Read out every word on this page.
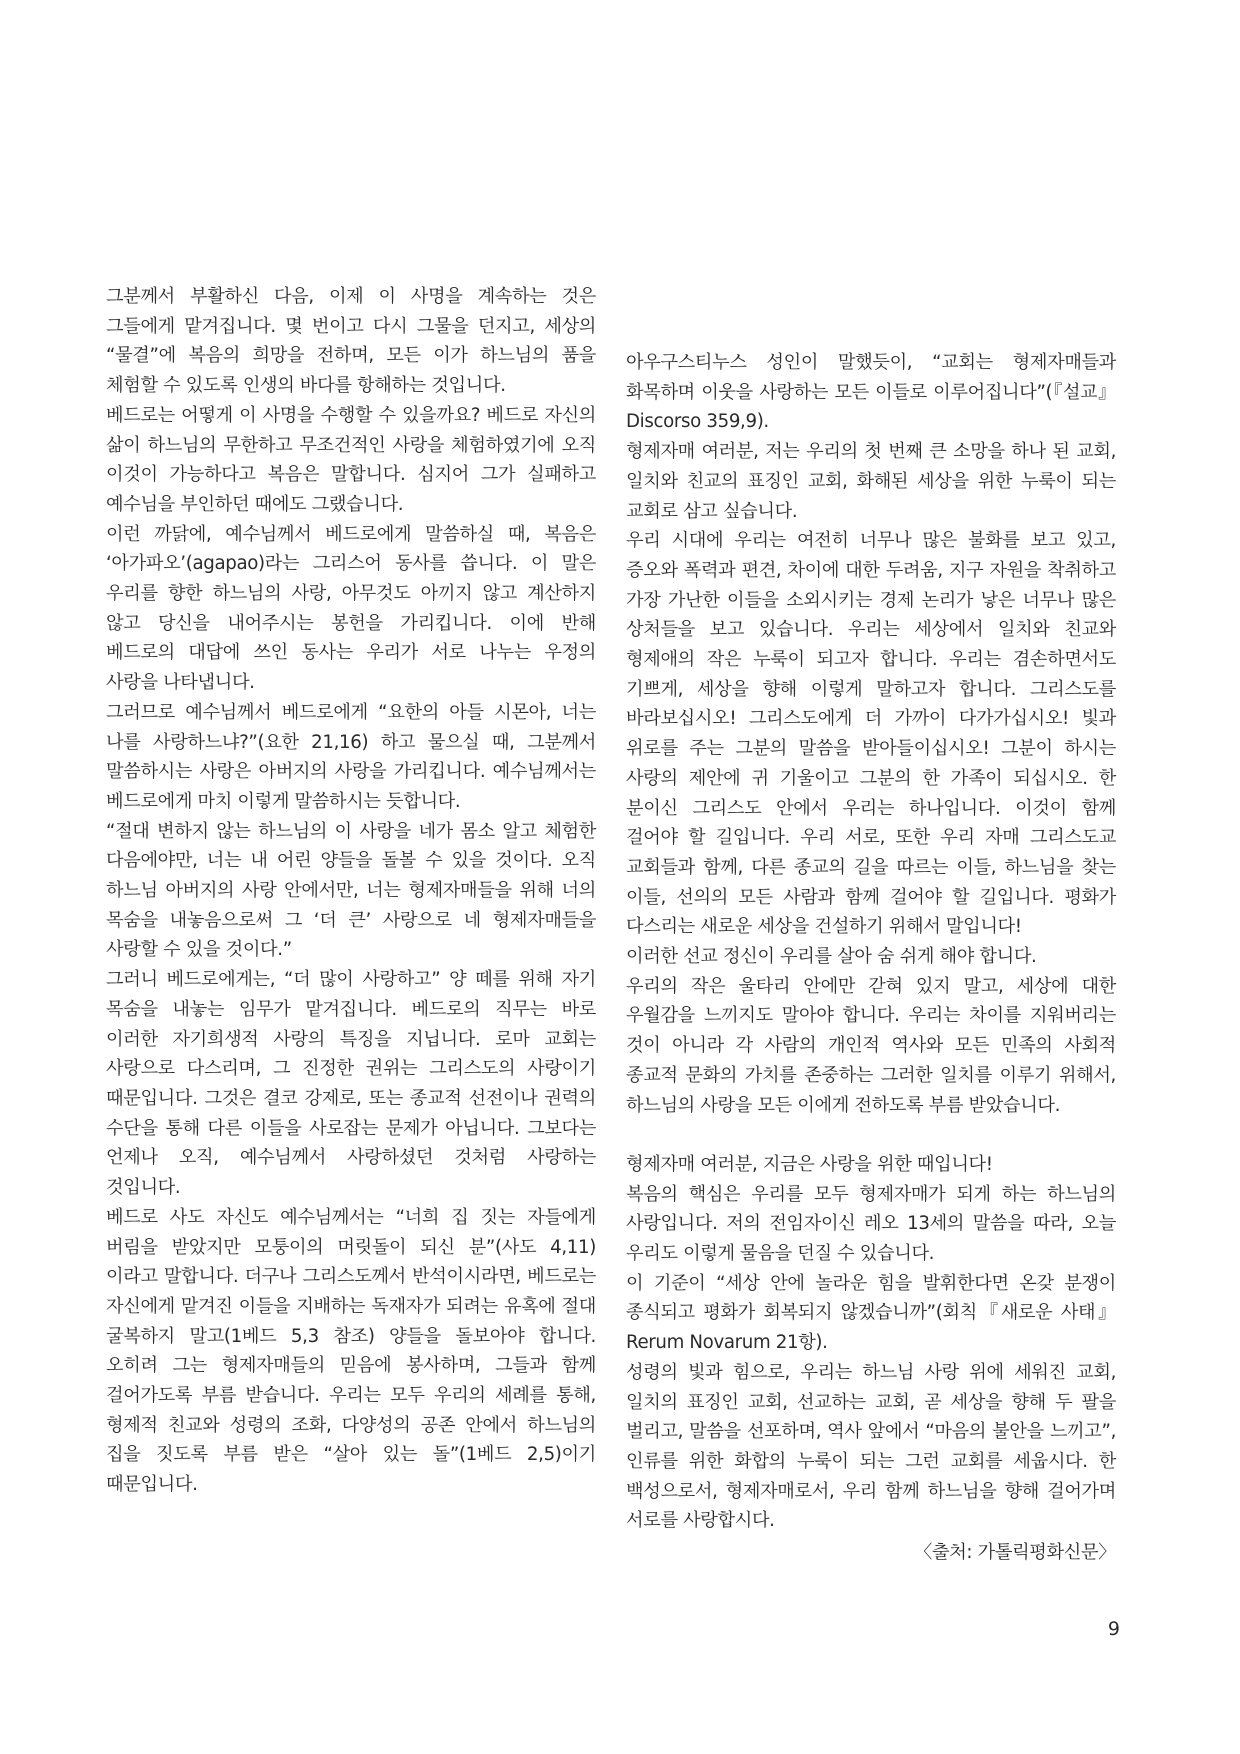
그분께서 부활하신 다음, 이제 이 사명을 계속하는 것은 그들에게 맡겨집니다. 몇 번이고 다시 그물을 던지고, 세상의 “물결”에 복음의 희망을 전하며, 모든 이가 하느님의 품을 체험할 수 있도록 인생의 바다를 항해하는 것입니다.

베드로는 어떻게 이 사명을 수행할 수 있을까요? 베드로 자신의 삶이 하느님의 무한하고 무조건적인 사랑을 체험하였기에 오직 이것이 가능하다고 복음은 말합니다. 심지어 그가 실패하고 예수님을 부인하던 때에도 그랬습니다.

이런 까닭에, 예수님께서 베드로에게 말씀하실 때, 복음은 ‘아가파오’(agapao)라는 그리스어 동사를 씁니다. 이 말은 우리를 향한 하느님의 사랑, 아무것도 아끼지 않고 계산하지 않고 당신을 내어주시는 봉헌을 가리킵니다. 이에 반해 베드로의 대답에 쓰인 동사는 우리가 서로 나누는 우정의 사랑을 나타냅니다.

그러므로 예수님께서 베드로에게 “요한의 아들 시몬아, 너는 나를 사랑하느냐?”(요한 21,16) 하고 물으실 때, 그분께서 말씀하시는 사랑은 아버지의 사랑을 가리킵니다. 예수님께서는 베드로에게 마치 이렇게 말씀하시는 듯합니다.

“절대 변하지 않는 하느님의 이 사랑을 네가 몸소 알고 체험한 다음에야만, 너는 내 어린 양들을 돌볼 수 있을 것이다. 오직 하느님 아버지의 사랑 안에서만, 너는 형제자매들을 위해 너의 목숨을 내놓음으로써 그 ‘더 큰’ 사랑으로 네 형제자매들을 사랑할 수 있을 것이다.”

그러니 베드로에게는, “더 많이 사랑하고” 양 떼를 위해 자기 목숨을 내놓는 임무가 맡겨집니다. 베드로의 직무는 바로 이러한 자기희생적 사랑의 특징을 지닙니다. 로마 교회는 사랑으로 다스리며, 그 진정한 권위는 그리스도의 사랑이기 때문입니다. 그것은 결코 강제로, 또는 종교적 선전이나 권력의 수단을 통해 다른 이들을 사로잡는 문제가 아닙니다. 그보다는 언제나 오직, 예수님께서 사랑하셨던 것처럼 사랑하는 것입니다.

베드로 사도 자신도 예수님께서는 “너희 집 짓는 자들에게 버림을 받았지만 모퉁이의 머릿돌이 되신 분”(사도 4,11)이라고 말합니다. 더구나 그리스도께서 반석이시라면, 베드로는 자신에게 맡겨진 이들을 지배하는 독재자가 되려는 유혹에 절대 굴복하지 말고(1베드 5,3 참조) 양들을 돌보아야 합니다. 오히려 그는 형제자매들의 믿음에 봉사하며, 그들과 함께 걸어가도록 부름 받습니다. 우리는 모두 우리의 세례를 통해, 형제적 친교와 성령의 조화, 다양성의 공존 안에서 하느님의 집을 짓도록 부름 받은 “살아 있는 돌”(1베드 2,5)이기 때문입니다.

아우구스티누스 성인이 말했듯이, “교회는 형제자매들과 화목하며 이웃을 사랑하는 모든 이들로 이루어집니다”(『설교』 Discorso 359,9).

형제자매 여러분, 저는 우리의 첫 번째 큰 소망을 하나 된 교회, 일치와 친교의 표징인 교회, 화해된 세상을 위한 누룩이 되는 교회로 삼고 싶습니다.

우리 시대에 우리는 여전히 너무나 많은 불화를 보고 있고, 증오와 폭력과 편견, 차이에 대한 두려움, 지구 자원을 착취하고 가장 가난한 이들을 소외시키는 경제 논리가 낳은 너무나 많은 상처들을 보고 있습니다. 우리는 세상에서 일치와 친교와 형제애의 작은 누룩이 되고자 합니다. 우리는 겸손하면서도 기쁘게, 세상을 향해 이렇게 말하고자 합니다. 그리스도를 바라보십시오! 그리스도에게 더 가까이 다가가십시오! 빛과 위로를 주는 그분의 말씀을 받아들이십시오! 그분이 하시는 사랑의 제안에 귀 기울이고 그분의 한 가족이 되십시오. 한 분이신 그리스도 안에서 우리는 하나입니다. 이것이 함께 걸어야 할 길입니다. 우리 서로, 또한 우리 자매 그리스도교 교회들과 함께, 다른 종교의 길을 따르는 이들, 하느님을 찾는 이들, 선의의 모든 사람과 함께 걸어야 할 길입니다. 평화가 다스리는 새로운 세상을 건설하기 위해서 말입니다!

이러한 선교 정신이 우리를 살아 숨 쉬게 해야 합니다.

우리의 작은 울타리 안에만 갇혀 있지 말고, 세상에 대한 우월감을 느끼지도 말아야 합니다. 우리는 차이를 지워버리는 것이 아니라 각 사람의 개인적 역사와 모든 민족의 사회적 종교적 문화의 가치를 존중하는 그러한 일치를 이루기 위해서, 하느님의 사랑을 모든 이에게 전하도록 부름 받았습니다.

형제자매 여러분, 지금은 사랑을 위한 때입니다!

복음의 핵심은 우리를 모두 형제자매가 되게 하는 하느님의 사랑입니다. 저의 전임자이신 레오 13세의 말씀을 따라, 오늘 우리도 이렇게 물음을 던질 수 있습니다.

이 기준이 “세상 안에 놀라운 힘을 발휘한다면 온갖 분쟁이 종식되고 평화가 회복되지 않겠습니까”(회칙『새로운 사태』 Rerum Novarum 21항).

성령의 빛과 힘으로, 우리는 하느님 사랑 위에 세워진 교회, 일치의 표징인 교회, 선교하는 교회, 곧 세상을 향해 두 팔을 벌리고, 말씀을 선포하며, 역사 앞에서 “마음의 불안을 느끼고”, 인류를 위한 화합의 누룩이 되는 그런 교회를 세웁시다. 한 백성으로서, 형제자매로서, 우리 함께 하느님을 향해 걸어가며 서로를 사랑합시다.

〈출처: 가톨릭평화신문〉

9
